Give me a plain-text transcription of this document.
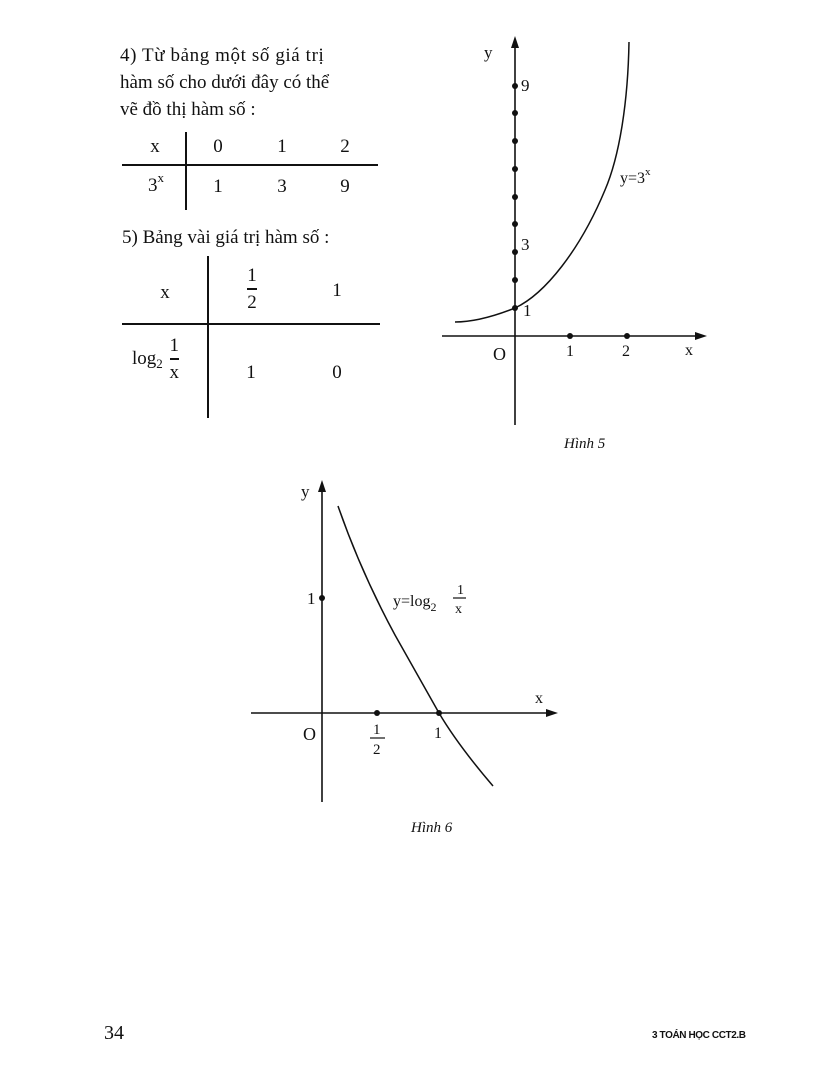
4) Từ bảng một số giá trị
hàm số cho dưới đây có thể
vẽ đồ thị hàm số :
x	0	1	2
3$^x$	1	3	9
5) Bảng vài giá trị hàm số :
x	$\frac{1}{2}$	1
$\log_2 \frac{1}{x}$	1	0
y
x
O
9
3
1
1	2
$y=3^x$
Hình 5
y
x
O
1
1
1
2
$y=\log_2$
1
x
Hình 6
34	3 TOÁN HỌC CCT2.B
